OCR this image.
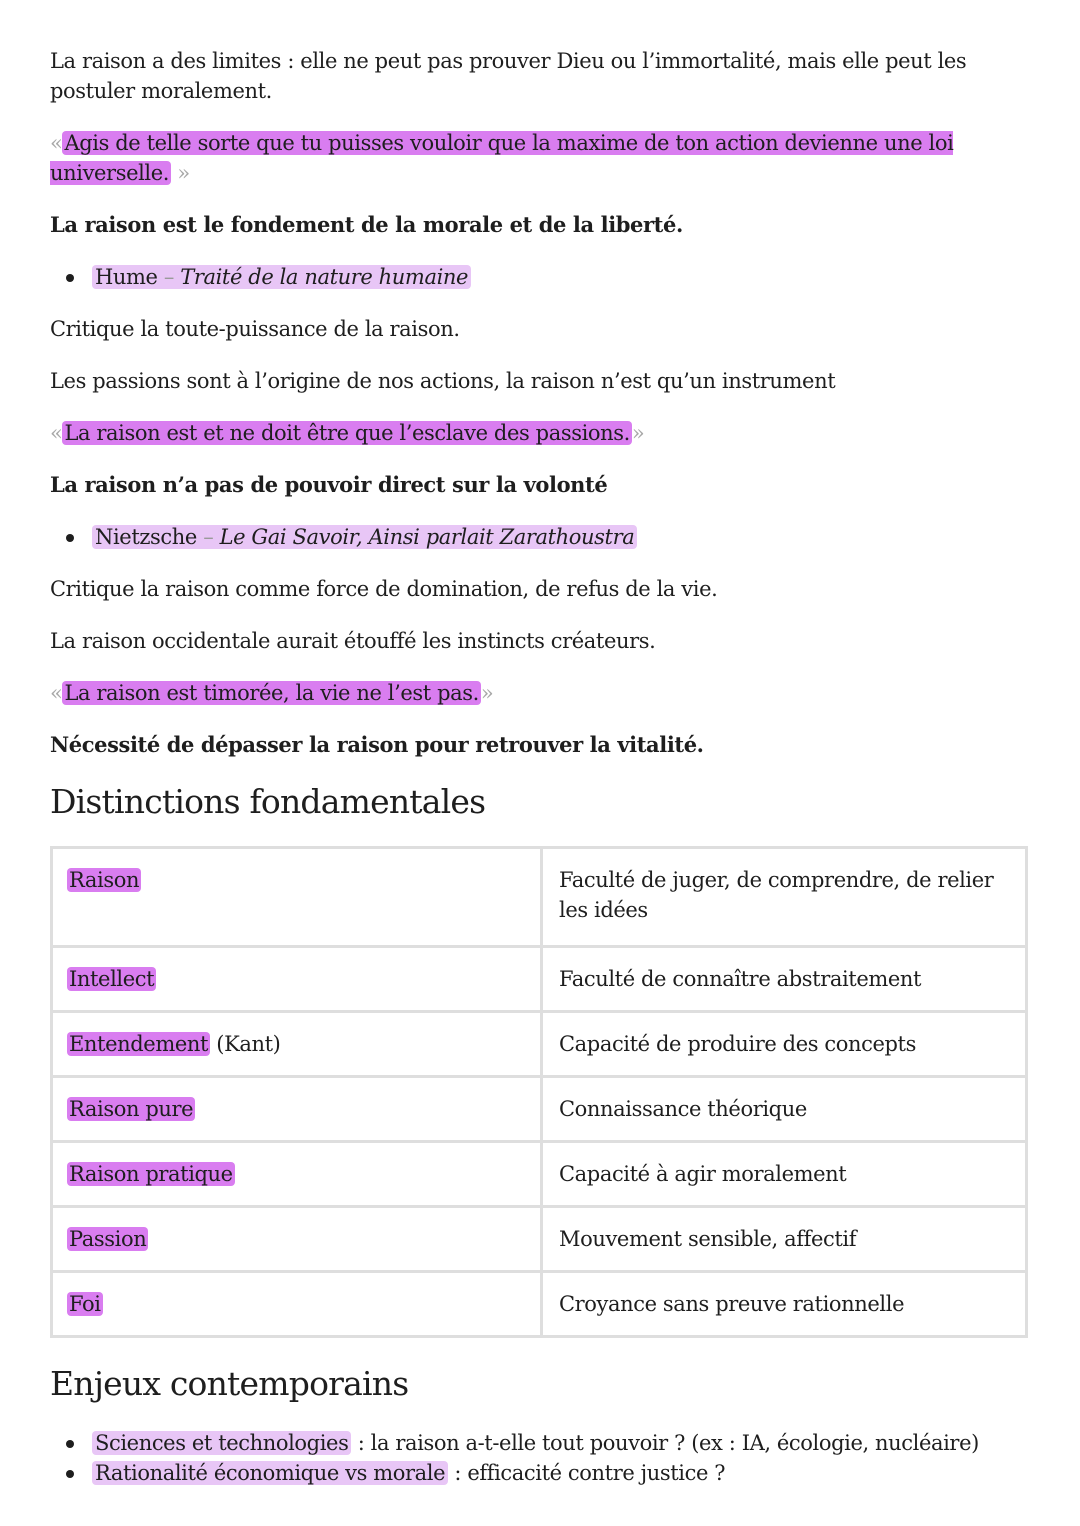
La raison a des limites : elle ne peut pas prouver Dieu ou l’immortalité, mais elle peut les postuler moralement.

«Agis de telle sorte que tu puisses vouloir que la maxime de ton action devienne une loi universelle. »

La raison est le fondement de la morale et de la liberté.

Hume – Traité de la nature humaine

Critique la toute-puissance de la raison.

Les passions sont à l’origine de nos actions, la raison n’est qu’un instrument

«La raison est et ne doit être que l’esclave des passions.»

La raison n’a pas de pouvoir direct sur la volonté

Nietzsche – Le Gai Savoir, Ainsi parlait Zarathoustra

Critique la raison comme force de domination, de refus de la vie.

La raison occidentale aurait étouffé les instincts créateurs.

«La raison est timorée, la vie ne l’est pas.»

Nécessité de dépasser la raison pour retrouver la vitalité.

Distinctions fondamentales
Raison	Faculté de juger, de comprendre, de relier les idées
Intellect	Faculté de connaître abstraitement
Entendement (Kant)	Capacité de produire des concepts
Raison pure	Connaissance théorique
Raison pratique	Capacité à agir moralement
Passion	Mouvement sensible, affectif
Foi	Croyance sans preuve rationnelle
Enjeux contemporains
Sciences et technologies : la raison a-t-elle tout pouvoir ? (ex : IA, écologie, nucléaire)
Rationalité économique vs morale : efficacité contre justice ?
